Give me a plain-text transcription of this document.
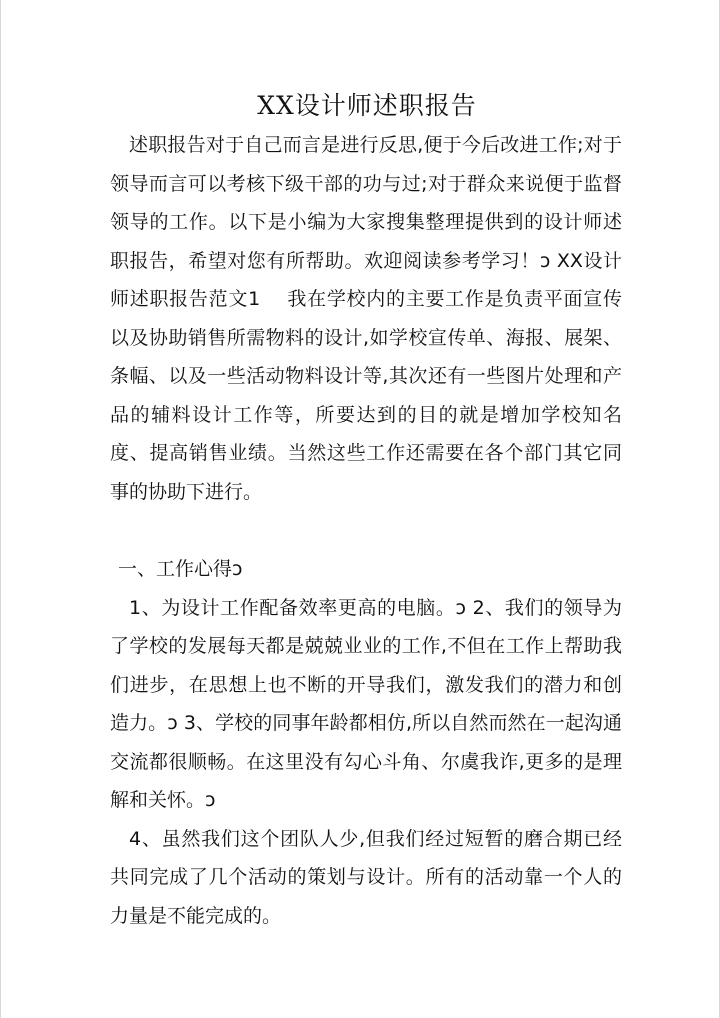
XX设计师述职报告

述职报告对于自己而言是进行反思,便于今后改进工作;对于领导而言可以考核下级干部的功与过;对于群众来说便于监督领导的工作。以下是小编为大家搜集整理提供到的设计师述职报告，希望对您有所帮助。欢迎阅读参考学习！ↄ XX设计师述职报告范文1　 我在学校内的主要工作是负责平面宣传以及协助销售所需物料的设计,如学校宣传单、海报、展架、条幅、以及一些活动物料设计等,其次还有一些图片处理和产品的辅料设计工作等，所要达到的目的就是增加学校知名度、提高销售业绩。当然这些工作还需要在各个部门其它同事的协助下进行。

一、工作心得ↄ

1、为设计工作配备效率更高的电脑。ↄ 2、我们的领导为了学校的发展每天都是兢兢业业的工作,不但在工作上帮助我们进步，在思想上也不断的开导我们，激发我们的潜力和创造力。ↄ 3、学校的同事年龄都相仿,所以自然而然在一起沟通交流都很顺畅。在这里没有勾心斗角、尔虞我诈,更多的是理解和关怀。ↄ

4、虽然我们这个团队人少,但我们经过短暂的磨合期已经共同完成了几个活动的策划与设计。所有的活动靠一个人的力量是不能完成的。
